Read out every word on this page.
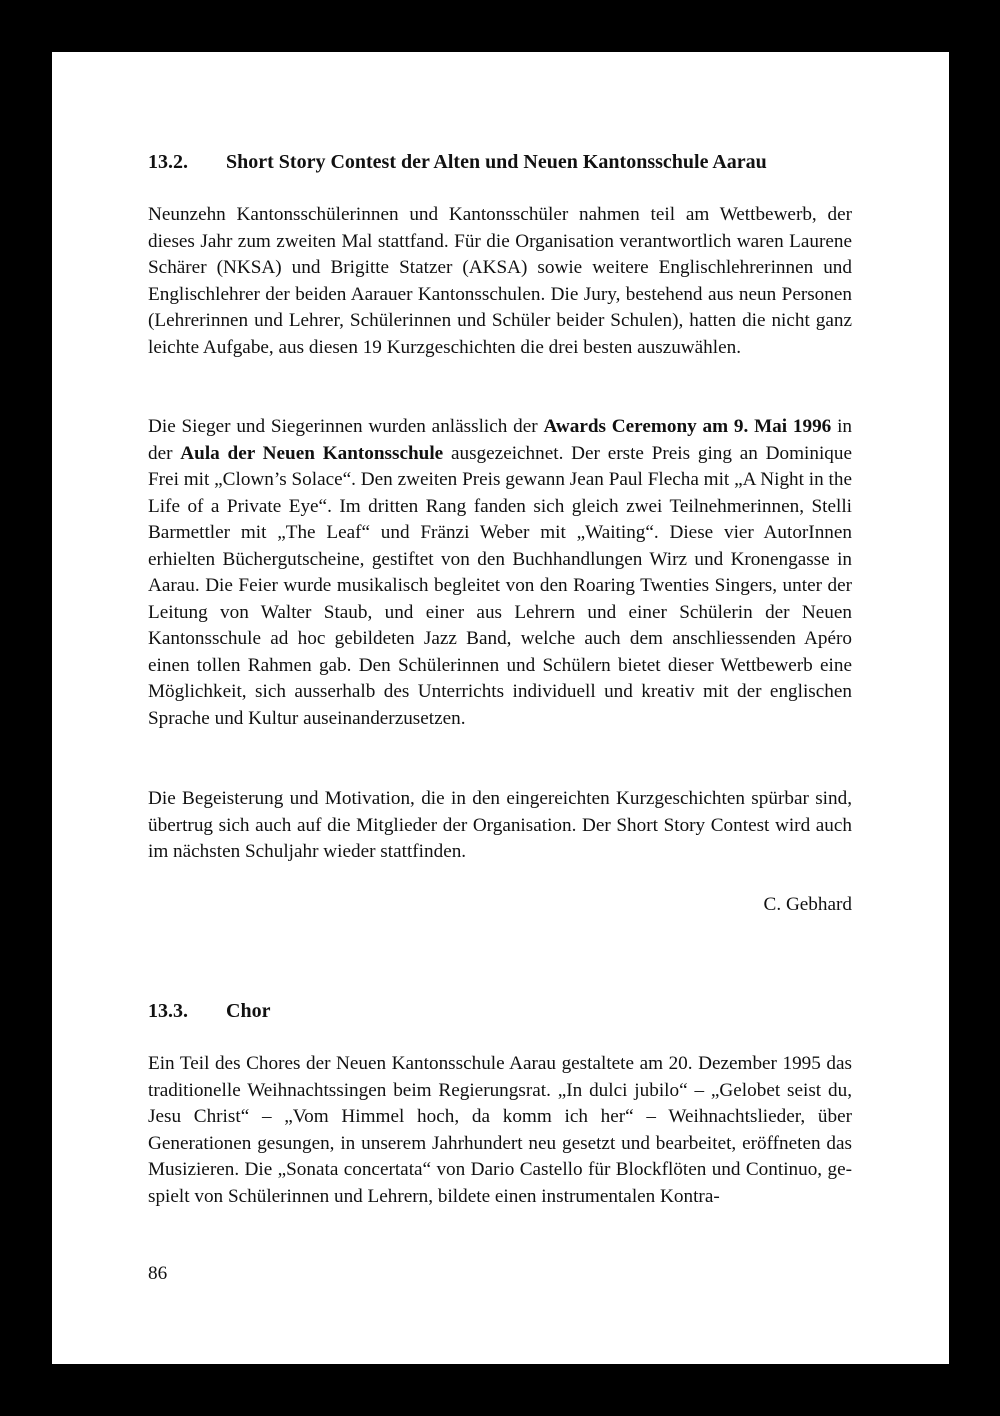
13.2. Short Story Contest der Alten und Neuen Kantonsschule Aarau

Neunzehn Kantonsschülerinnen und Kantonsschüler nahmen teil am Wettbewerb, der dieses Jahr zum zweiten Mal stattfand. Für die Organisation verantwortlich waren Laurene Schärer (NKSA) und Brigitte Statzer (AKSA) sowie weitere Englischlehrerinnen und Englischlehrer der beiden Aarauer Kantonsschulen. Die Jury, bestehend aus neun Personen (Lehrerinnen und Lehrer, Schülerinnen und Schüler beider Schulen), hatten die nicht ganz leichte Aufgabe, aus diesen 19 Kurzgeschichten die drei besten auszuwählen.

Die Sieger und Siegerinnen wurden anlässlich der Awards Ceremony am 9. Mai 1996 in der Aula der Neuen Kantonsschule ausgezeichnet. Der erste Preis ging an Dominique Frei mit „Clown’s Solace“. Den zweiten Preis gewann Jean Paul Flecha mit „A Night in the Life of a Private Eye“. Im dritten Rang fanden sich gleich zwei Teilnehmerinnen, Stelli Barmettler mit „The Leaf“ und Fränzi Weber mit „Waiting“. Diese vier AutorInnen erhielten Büchergutscheine, gestiftet von den Buchhandlungen Wirz und Kronengasse in Aarau. Die Feier wurde musikalisch begleitet von den Roaring Twenties Singers, unter der Leitung von Walter Staub, und einer aus Lehrern und einer Schülerin der Neuen Kantonsschule ad hoc gebildeten Jazz Band, welche auch dem anschliessenden Apéro einen tollen Rahmen gab. Den Schülerinnen und Schülern bietet dieser Wettbewerb eine Möglichkeit, sich ausserhalb des Unterrichts individuell und kreativ mit der englischen Sprache und Kultur auseinanderzusetzen.

Die Begeisterung und Motivation, die in den eingereichten Kurzgeschichten spürbar sind, übertrug sich auch auf die Mitglieder der Organisation. Der Short Story Contest wird auch im nächsten Schuljahr wieder stattfinden.

C. Gebhard
13.3. Chor

Ein Teil des Chores der Neuen Kantonsschule Aarau gestaltete am 20. Dezember 1995 das traditionelle Weihnachtssingen beim Regierungsrat. „In dulci jubilo“ – „Gelobet seist du, Jesu Christ“ – „Vom Himmel hoch, da komm ich her“ – Weihnachtslieder, über Generationen gesungen, in unserem Jahrhundert neu gesetzt und bearbeitet, eröffneten das Musizieren. Die „Sonata concertata“ von Dario Castello für Blockflöten und Continuo, gespielt von Schülerinnen und Lehrern, bildete einen instrumentalen Kontra-

86
